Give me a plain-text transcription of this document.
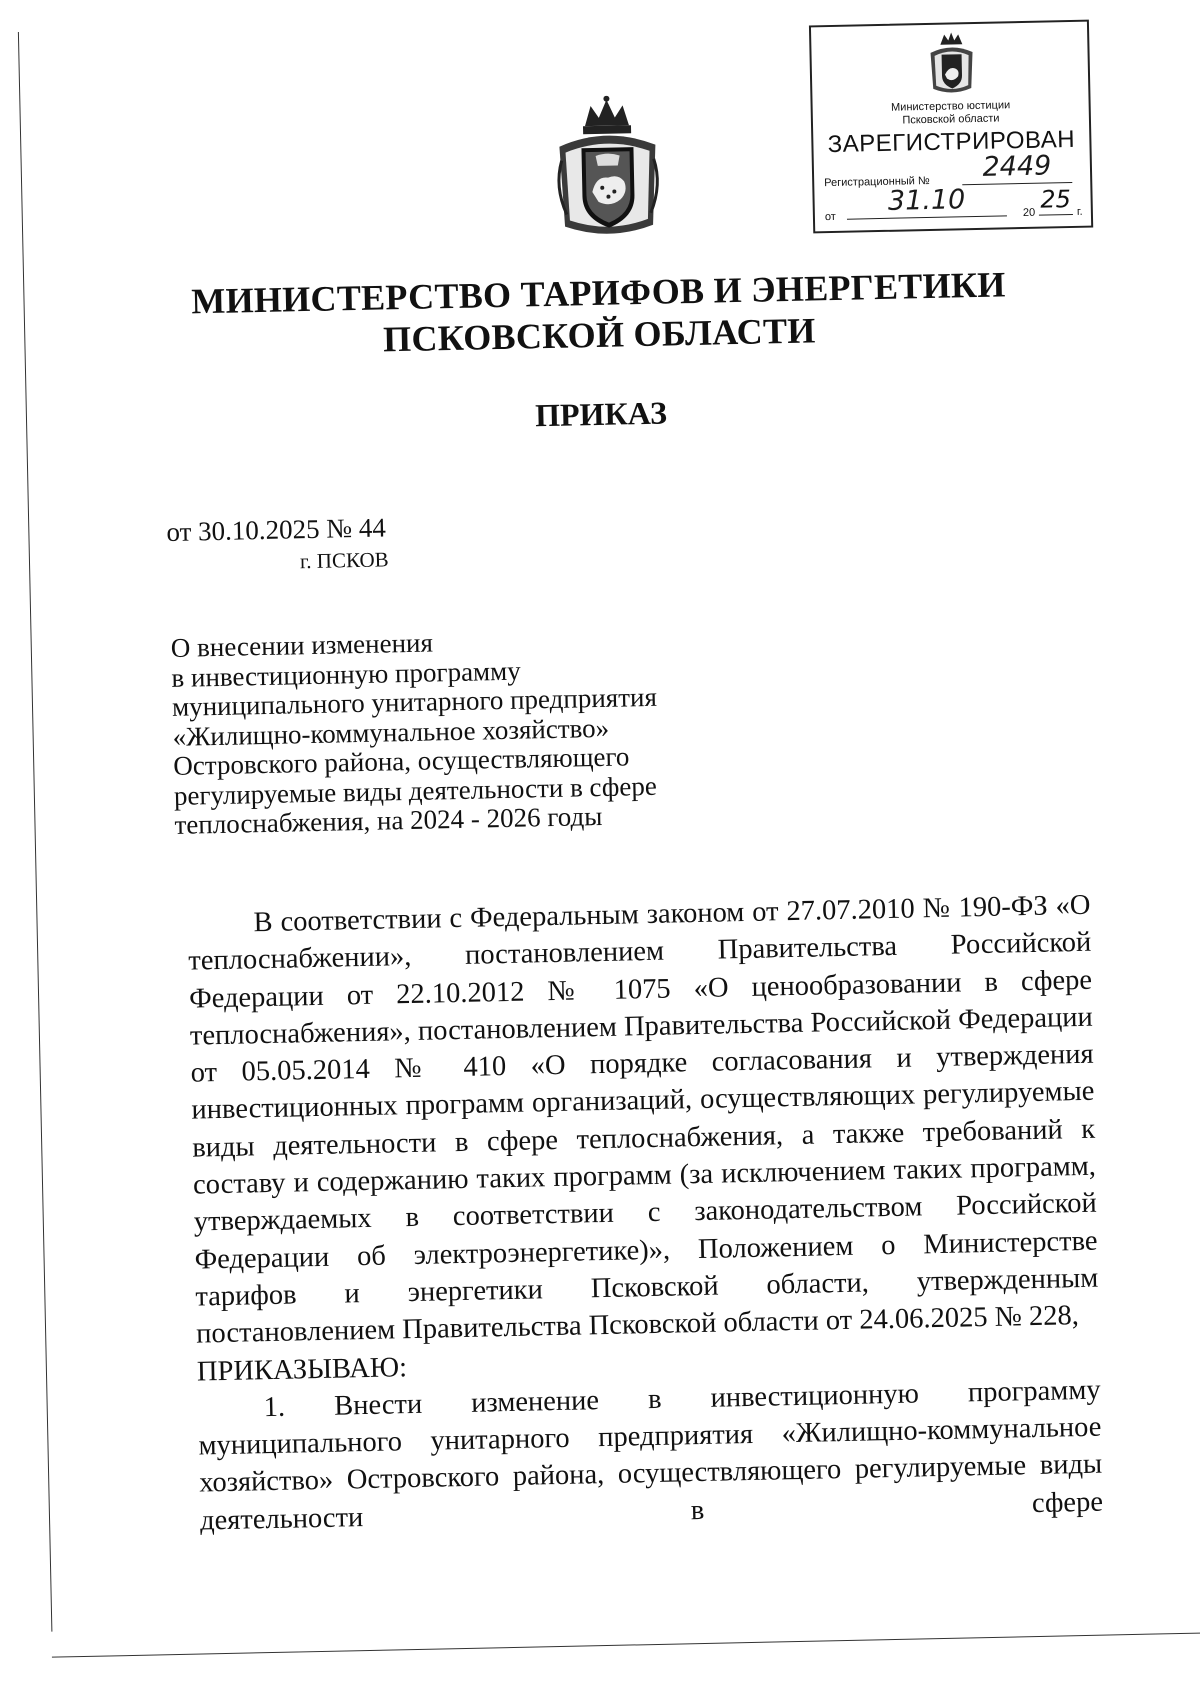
Министерство юстиции
Псковской области
ЗАРЕГИСТРИРОВАН
Регистрационный №	2449
от
31.10	20 25 г.
МИНИСТЕРСТВО ТАРИФОВ И ЭНЕРГЕТИКИ
ПСКОВСКОЙ ОБЛАСТИ
ПРИКАЗ
от 30.10.2025 № 44
г. ПСКОВ
О внесении изменения
в инвестиционную программу
муниципального унитарного предприятия
«Жилищно-коммунальное хозяйство»
Островского района, осуществляющего
регулируемые виды деятельности в сфере
теплоснабжения, на 2024 - 2026 годы

В соответствии с Федеральным законом от 27.07.2010 № 190-ФЗ «О теплоснабжении», постановлением Правительства Российской Федерации от 22.10.2012 № 1075 «О ценообразовании в сфере теплоснабжения», постановлением Правительства Российской Федерации от 05.05.2014 № 410 «О порядке согласования и утверждения инвестиционных программ организаций, осуществляющих регулируемые виды деятельности в сфере теплоснабжения, а также требований к составу и содержанию таких программ (за исключением таких программ, утверждаемых в соответствии с законодательством Российской Федерации об электроэнергетике)», Положением о Министерстве тарифов и энергетики Псковской области, утвержденным постановлением Правительства Псковской области от 24.06.2025 № 228,

ПРИКАЗЫВАЮ:

1. Внести изменение в инвестиционную программу муниципального унитарного предприятия «Жилищно-коммунальное хозяйство» Островского района, осуществляющего регулируемые виды деятельности в сфере
